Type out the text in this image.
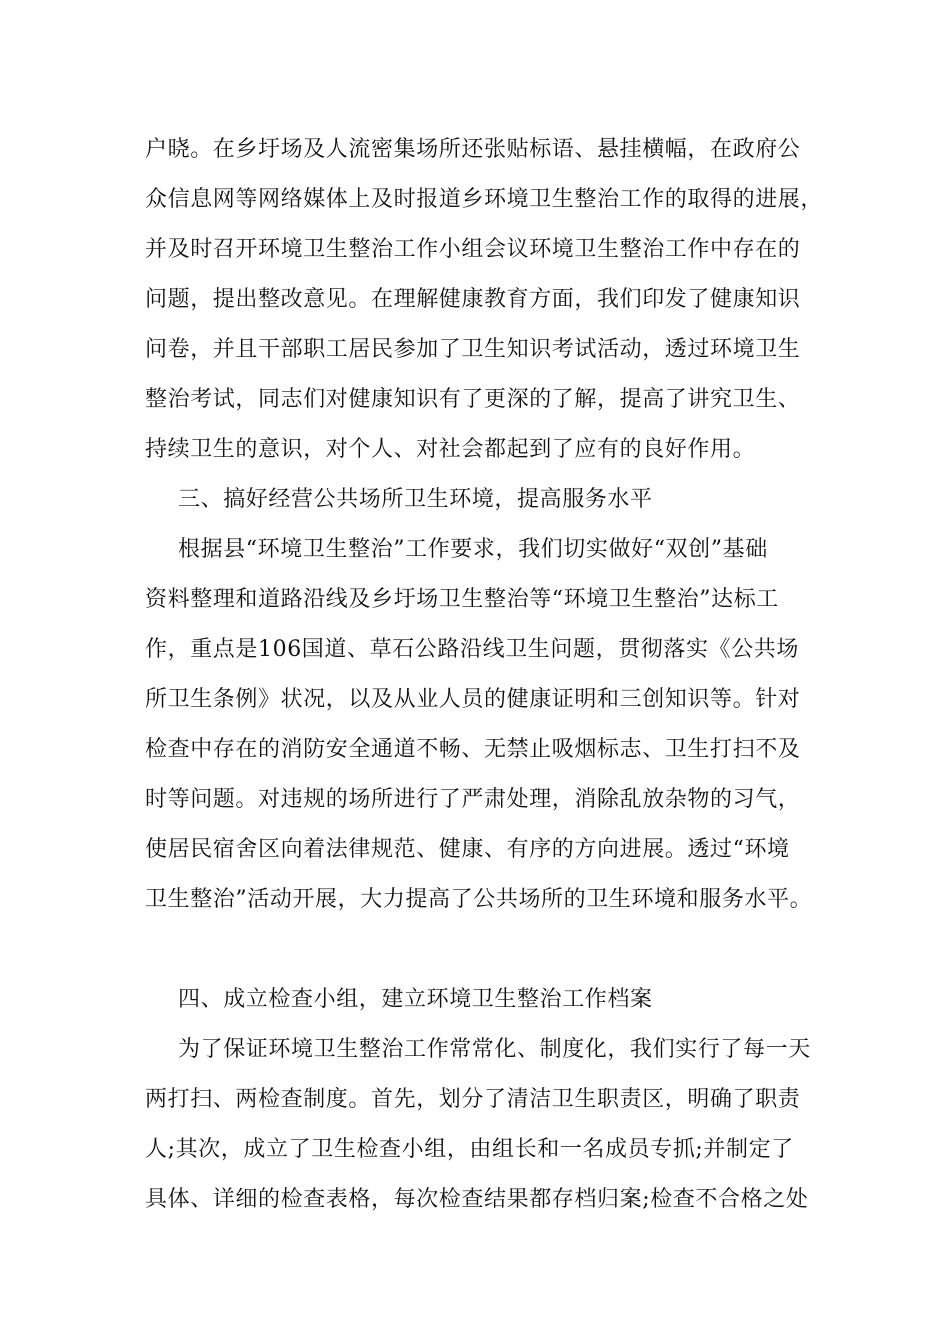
户晓。在乡圩场及人流密集场所还张贴标语、悬挂横幅，在政府公
众信息网等网络媒体上及时报道乡环境卫生整治工作的取得的进展，
并及时召开环境卫生整治工作小组会议环境卫生整治工作中存在的
问题，提出整改意见。在理解健康教育方面，我们印发了健康知识
问卷，并且干部职工居民参加了卫生知识考试活动，透过环境卫生
整治考试，同志们对健康知识有了更深的了解，提高了讲究卫生、
持续卫生的意识，对个人、对社会都起到了应有的良好作用。
三、搞好经营公共场所卫生环境，提高服务水平
根据县“环境卫生整治”工作要求，我们切实做好“双创”基础
资料整理和道路沿线及乡圩场卫生整治等“环境卫生整治”达标工
作，重点是106国道、草石公路沿线卫生问题，贯彻落实《公共场
所卫生条例》状况，以及从业人员的健康证明和三创知识等。针对
检查中存在的消防安全通道不畅、无禁止吸烟标志、卫生打扫不及
时等问题。对违规的场所进行了严肃处理，消除乱放杂物的习气，
使居民宿舍区向着法律规范、健康、有序的方向进展。透过“环境
卫生整治”活动开展，大力提高了公共场所的卫生环境和服务水平。
四、成立检查小组，建立环境卫生整治工作档案
为了保证环境卫生整治工作常常化、制度化，我们实行了每一天
两打扫、两检查制度。首先，划分了清洁卫生职责区，明确了职责
人;其次，成立了卫生检查小组，由组长和一名成员专抓;并制定了
具体、详细的检查表格，每次检查结果都存档归案;检查不合格之处
